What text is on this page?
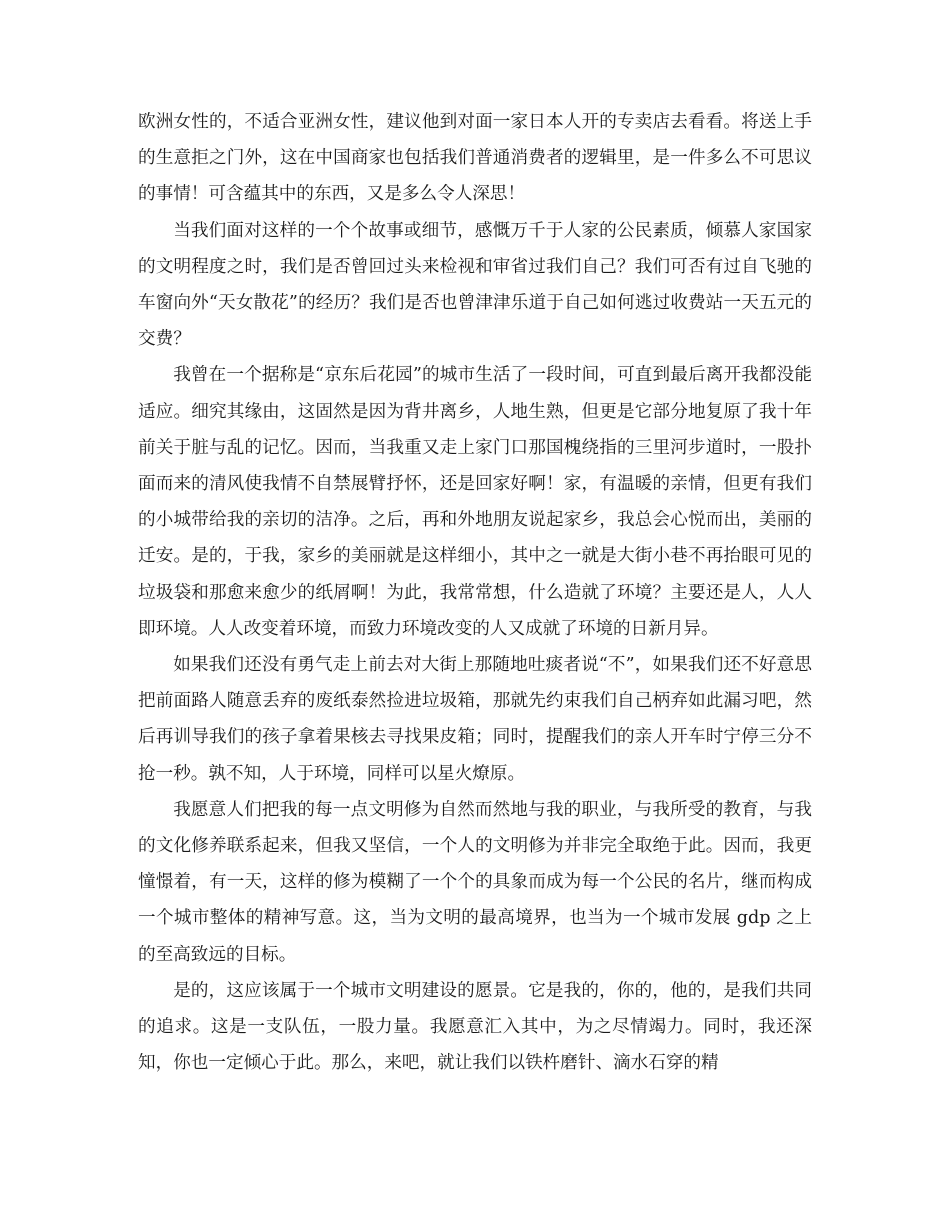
欧洲女性的，不适合亚洲女性，建议他到对面一家日本人开的专卖店去看看。将送上手的生意拒之门外，这在中国商家也包括我们普通消费者的逻辑里，是一件多么不可思议的事情！可含蕴其中的东西，又是多么令人深思！

当我们面对这样的一个个故事或细节，感慨万千于人家的公民素质，倾慕人家国家的文明程度之时，我们是否曾回过头来检视和审省过我们自己？我们可否有过自飞驰的车窗向外“天女散花”的经历？我们是否也曾津津乐道于自己如何逃过收费站一天五元的交费？

我曾在一个据称是“京东后花园”的城市生活了一段时间，可直到最后离开我都没能适应。细究其缘由，这固然是因为背井离乡，人地生熟，但更是它部分地复原了我十年前关于脏与乱的记忆。因而，当我重又走上家门口那国槐绕指的三里河步道时，一股扑面而来的清风使我情不自禁展臂抒怀，还是回家好啊！家，有温暖的亲情，但更有我们的小城带给我的亲切的洁净。之后，再和外地朋友说起家乡，我总会心悦而出，美丽的迁安。是的，于我，家乡的美丽就是这样细小，其中之一就是大街小巷不再抬眼可见的垃圾袋和那愈来愈少的纸屑啊！为此，我常常想，什么造就了环境？主要还是人，人人即环境。人人改变着环境，而致力环境改变的人又成就了环境的日新月异。

如果我们还没有勇气走上前去对大街上那随地吐痰者说“不”，如果我们还不好意思把前面路人随意丢弃的废纸泰然捡进垃圾箱，那就先约束我们自己柄弃如此漏习吧，然后再训导我们的孩子拿着果核去寻找果皮箱；同时，提醒我们的亲人开车时宁停三分不抢一秒。孰不知，人于环境，同样可以星火燎原。

我愿意人们把我的每一点文明修为自然而然地与我的职业，与我所受的教育，与我的文化修养联系起来，但我又坚信，一个人的文明修为并非完全取绝于此。因而，我更憧憬着，有一天，这样的修为模糊了一个个的具象而成为每一个公民的名片，继而构成一个城市整体的精神写意。这，当为文明的最高境界，也当为一个城市发展 gdp 之上的至高致远的目标。

是的，这应该属于一个城市文明建设的愿景。它是我的，你的，他的，是我们共同的追求。这是一支队伍，一股力量。我愿意汇入其中，为之尽情竭力。同时，我还深知，你也一定倾心于此。那么，来吧，就让我们以铁杵磨针、滴水石穿的精
